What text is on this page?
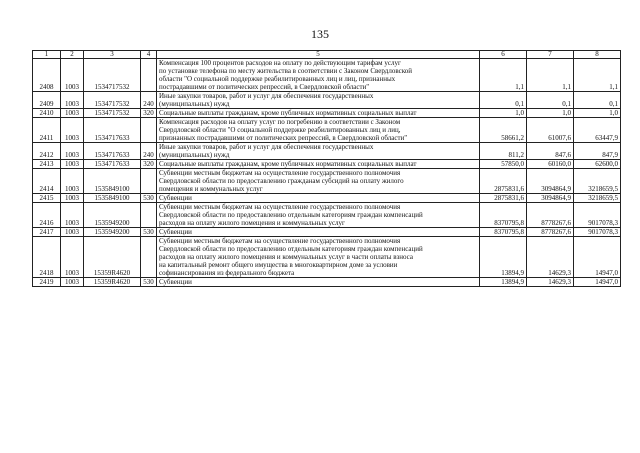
135
1	2	3	4	5	6	7	8
2408	1003	1534717532		Компенсация 100 процентов расходов на оплату по действующим тарифам услуг
по установке телефона по месту жительства в соответствии с Законом Свердловской
области "О социальной поддержке реабилитированных лиц и лиц, признанных
пострадавшими от политических репрессий, в Свердловской области"	1,1	1,1	1,1
2409	1003	1534717532	240	Иные закупки товаров, работ и услуг для обеспечения государственных
(муниципальных) нужд	0,1	0,1	0,1
2410	1003	1534717532	320	Социальные выплаты гражданам, кроме публичных нормативных социальных выплат	1,0	1,0	1,0
2411	1003	1534717633		Компенсация расходов на оплату услуг по погребению в соответствии с Законом
Свердловской области "О социальной поддержке реабилитированных лиц и лиц,
признанных пострадавшими от политических репрессий, в Свердловской области"	58661,2	61007,6	63447,9
2412	1003	1534717633	240	Иные закупки товаров, работ и услуг для обеспечения государственных
(муниципальных) нужд	811,2	847,6	847,9
2413	1003	1534717633	320	Социальные выплаты гражданам, кроме публичных нормативных социальных выплат	57850,0	60160,0	62600,0
2414	1003	1535849100		Субвенции местным бюджетам на осуществление государственного полномочия
Свердловской области по предоставлению гражданам субсидий на оплату жилого
помещения и коммунальных услуг	2875831,6	3094864,9	3218659,5
2415	1003	1535849100	530	Субвенции	2875831,6	3094864,9	3218659,5
2416	1003	1535949200		Субвенции местным бюджетам на осуществление государственного полномочия
Свердловской области по предоставлению отдельным категориям граждан компенсаций
расходов на оплату жилого помещения и коммунальных услуг	8370795,8	8778267,6	9017078,3
2417	1003	1535949200	530	Субвенции	8370795,8	8778267,6	9017078,3
2418	1003	15359R4620		Субвенции местным бюджетам на осуществление государственного полномочия
Свердловской области по предоставлению отдельным категориям граждан компенсаций
расходов на оплату жилого помещения и коммунальных услуг в части оплаты взноса
на капитальный ремонт общего имущества в многоквартирном доме за условии
софинансирования из федерального бюджета	13894,9	14629,3	14947,0
2419	1003	15359R4620	530	Субвенции	13894,9	14629,3	14947,0
